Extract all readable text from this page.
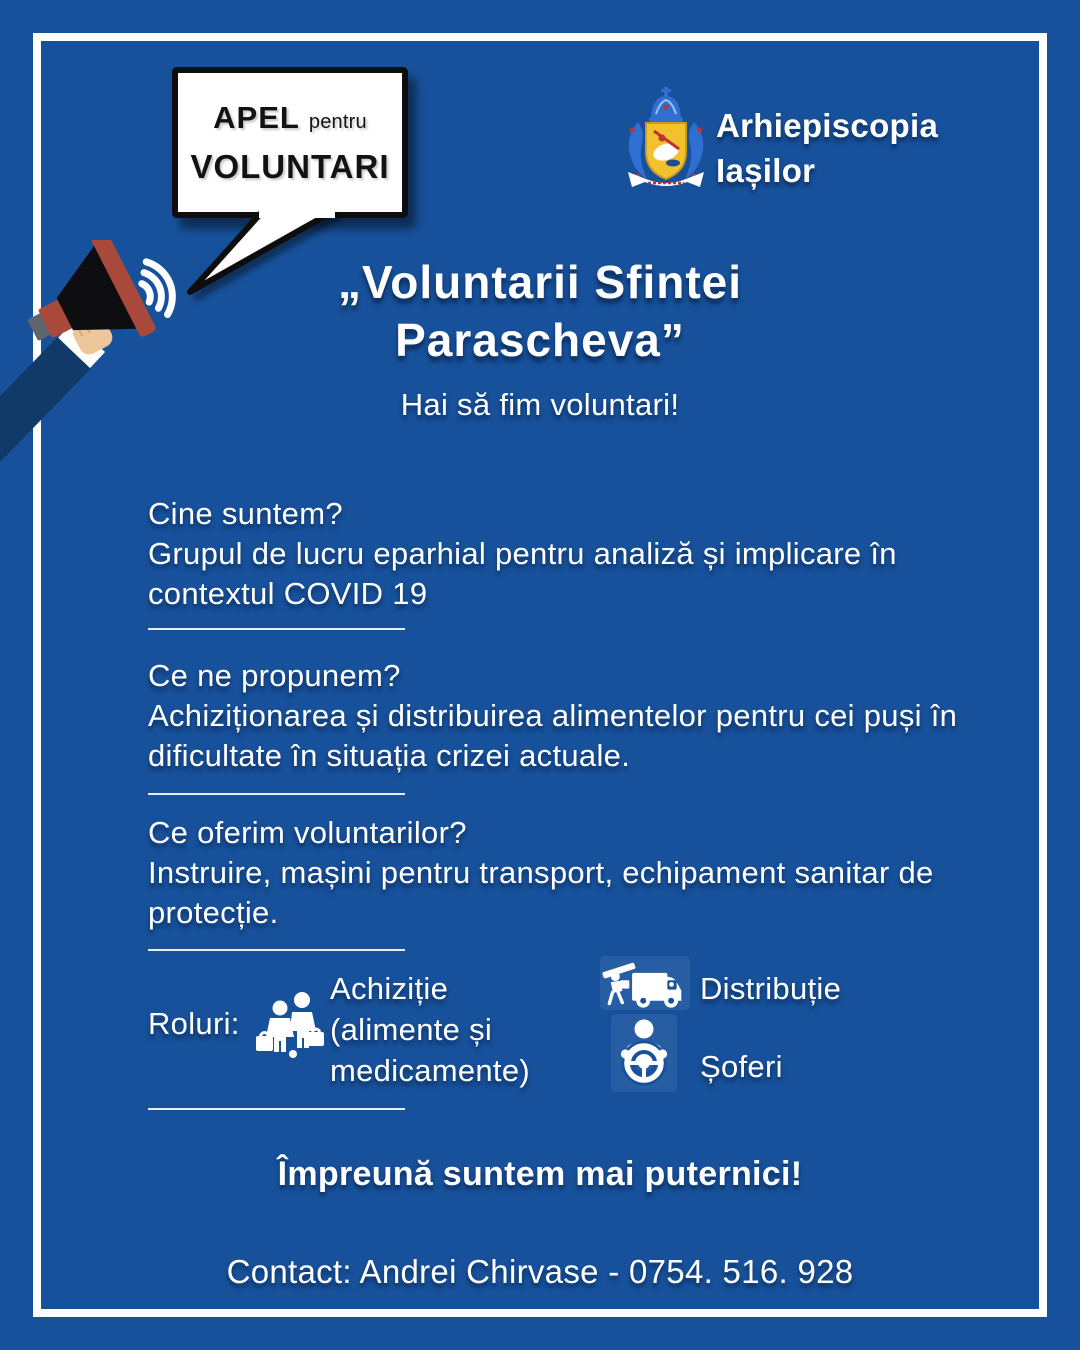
APEL pentru
VOLUNTARI
Arhiepiscopia
Iașilor
„Voluntarii Sfintei
Parascheva”
Hai să fim voluntari!
Cine suntem?
Grupul de lucru eparhial pentru analiză și implicare în contextul COVID 19
Ce ne propunem?
Achiziționarea și distribuirea alimentelor pentru cei puși în dificultate în situația crizei actuale.
Ce oferim voluntarilor?
Instruire, mașini pentru transport, echipament sanitar de protecție.
Roluri:
Achiziție (alimente și medicamente)
Distribuție
Șoferi
Împreună suntem mai puternici!
Contact: Andrei Chirvase - 0754. 516. 928
